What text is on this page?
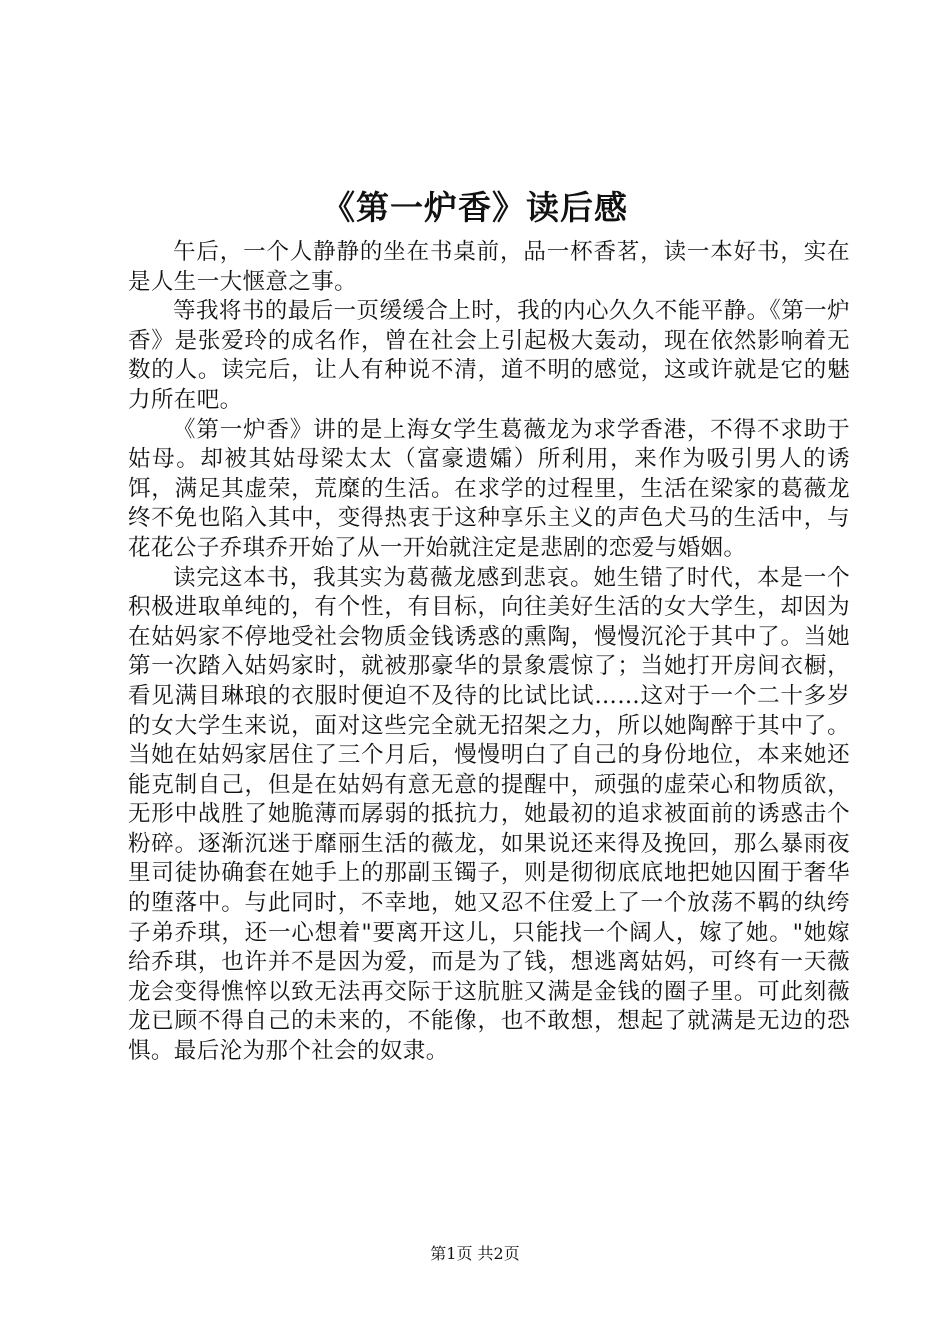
《第一炉香》读后感

午后，一个人静静的坐在书桌前，品一杯香茗，读一本好书，实在是人生一大惬意之事。

等我将书的最后一页缓缓合上时，我的内心久久不能平静。《第一炉香》是张爱玲的成名作，曾在社会上引起极大轰动，现在依然影响着无数的人。读完后，让人有种说不清，道不明的感觉，这或许就是它的魅力所在吧。

《第一炉香》讲的是上海女学生葛薇龙为求学香港，不得不求助于姑母。却被其姑母梁太太（富豪遗孀）所利用，来作为吸引男人的诱饵，满足其虚荣，荒糜的生活。在求学的过程里，生活在梁家的葛薇龙终不免也陷入其中，变得热衷于这种享乐主义的声色犬马的生活中，与花花公子乔琪乔开始了从一开始就注定是悲剧的恋爱与婚姻。

读完这本书，我其实为葛薇龙感到悲哀。她生错了时代，本是一个积极进取单纯的，有个性，有目标，向往美好生活的女大学生，却因为在姑妈家不停地受社会物质金钱诱惑的熏陶，慢慢沉沦于其中了。当她第一次踏入姑妈家时，就被那豪华的景象震惊了；当她打开房间衣橱，看见满目琳琅的衣服时便迫不及待的比试比试……这对于一个二十多岁的女大学生来说，面对这些完全就无招架之力，所以她陶醉于其中了。当她在姑妈家居住了三个月后，慢慢明白了自己的身份地位，本来她还能克制自己，但是在姑妈有意无意的提醒中，顽强的虚荣心和物质欲，无形中战胜了她脆薄而孱弱的抵抗力，她最初的追求被面前的诱惑击个粉碎。逐渐沉迷于靡丽生活的薇龙，如果说还来得及挽回，那么暴雨夜里司徒协确套在她手上的那副玉镯子，则是彻彻底底地把她囚囿于奢华的堕落中。与此同时，不幸地，她又忍不住爱上了一个放荡不羁的纨绔子弟乔琪，还一心想着"要离开这儿，只能找一个阔人，嫁了她。"她嫁给乔琪，也许并不是因为爱，而是为了钱，想逃离姑妈，可终有一天薇龙会变得憔悴以致无法再交际于这肮脏又满是金钱的圈子里。可此刻薇龙已顾不得自己的未来的，不能像，也不敢想，想起了就满是无边的恐惧。最后沦为那个社会的奴隶。

第1页 共2页
